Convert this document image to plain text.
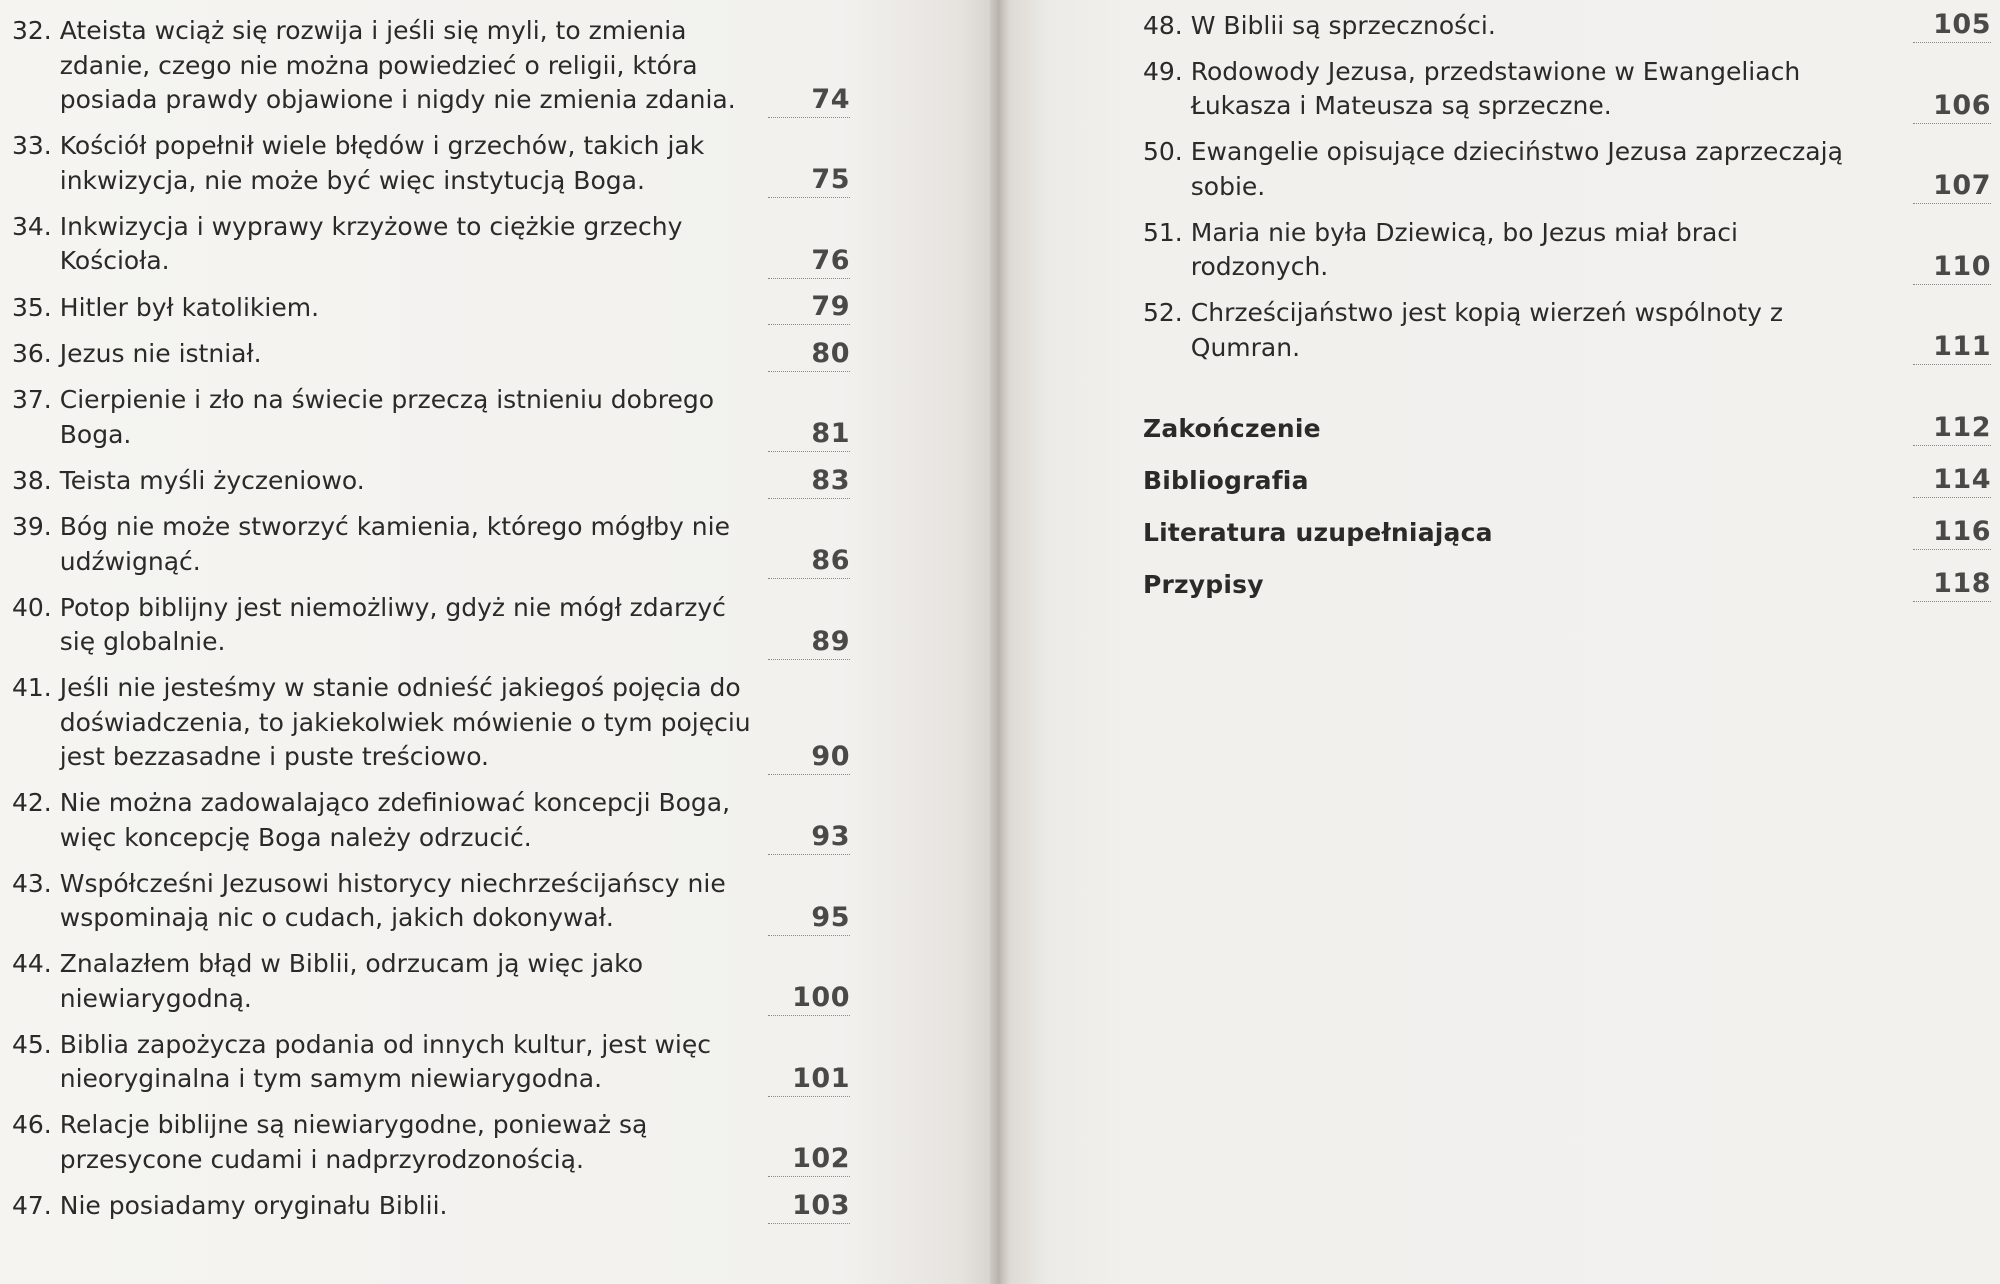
32. Ateista wciąż się rozwija i jeśli się myli, to zmienia zdanie, czego nie można powiedzieć o religii, która posiada prawdy objawione i nigdy nie zmienia zdania.	74
33. Kościół popełnił wiele błędów i grzechów, takich jak inkwizycja, nie może być więc instytucją Boga.	75
34. Inkwizycja i wyprawy krzyżowe to ciężkie grzechy Kościoła.	76
35. Hitler był katolikiem.	79
36. Jezus nie istniał.	80
37. Cierpienie i zło na świecie przeczą istnieniu dobrego Boga.	81
38. Teista myśli życzeniowo.	83
39. Bóg nie może stworzyć kamienia, którego mógłby nie udźwignąć.	86
40. Potop biblijny jest niemożliwy, gdyż nie mógł zdarzyć się globalnie.	89
41. Jeśli nie jesteśmy w stanie odnieść jakiegoś pojęcia do doświadczenia, to jakiekolwiek mówienie o tym pojęciu jest bezzasadne i puste treściowo.	90
42. Nie można zadowalająco zdefiniować koncepcji Boga, więc koncepcję Boga należy odrzucić.	93
43. Współcześni Jezusowi historycy niechrześcijańscy nie wspominają nic o cudach, jakich dokonywał.	95
44. Znalazłem błąd w Biblii, odrzucam ją więc jako niewiarygodną.	100
45. Biblia zapożycza podania od innych kultur, jest więc nieoryginalna i tym samym niewiarygodna.	101
46. Relacje biblijne są niewiarygodne, ponieważ są przesycone cudami i nadprzyrodzonością.	102
47. Nie posiadamy oryginału Biblii.	103
48. W Biblii są sprzeczności.	105
49. Rodowody Jezusa, przedstawione w Ewangeliach Łukasza i Mateusza są sprzeczne.	106
50. Ewangelie opisujące dzieciństwo Jezusa zaprzeczają sobie.	107
51. Maria nie była Dziewicą, bo Jezus miał braci rodzonych.	110
52. Chrześcijaństwo jest kopią wierzeń wspólnoty z Qumran.	111
Zakończenie	112
Bibliografia	114
Literatura uzupełniająca	116
Przypisy	118
